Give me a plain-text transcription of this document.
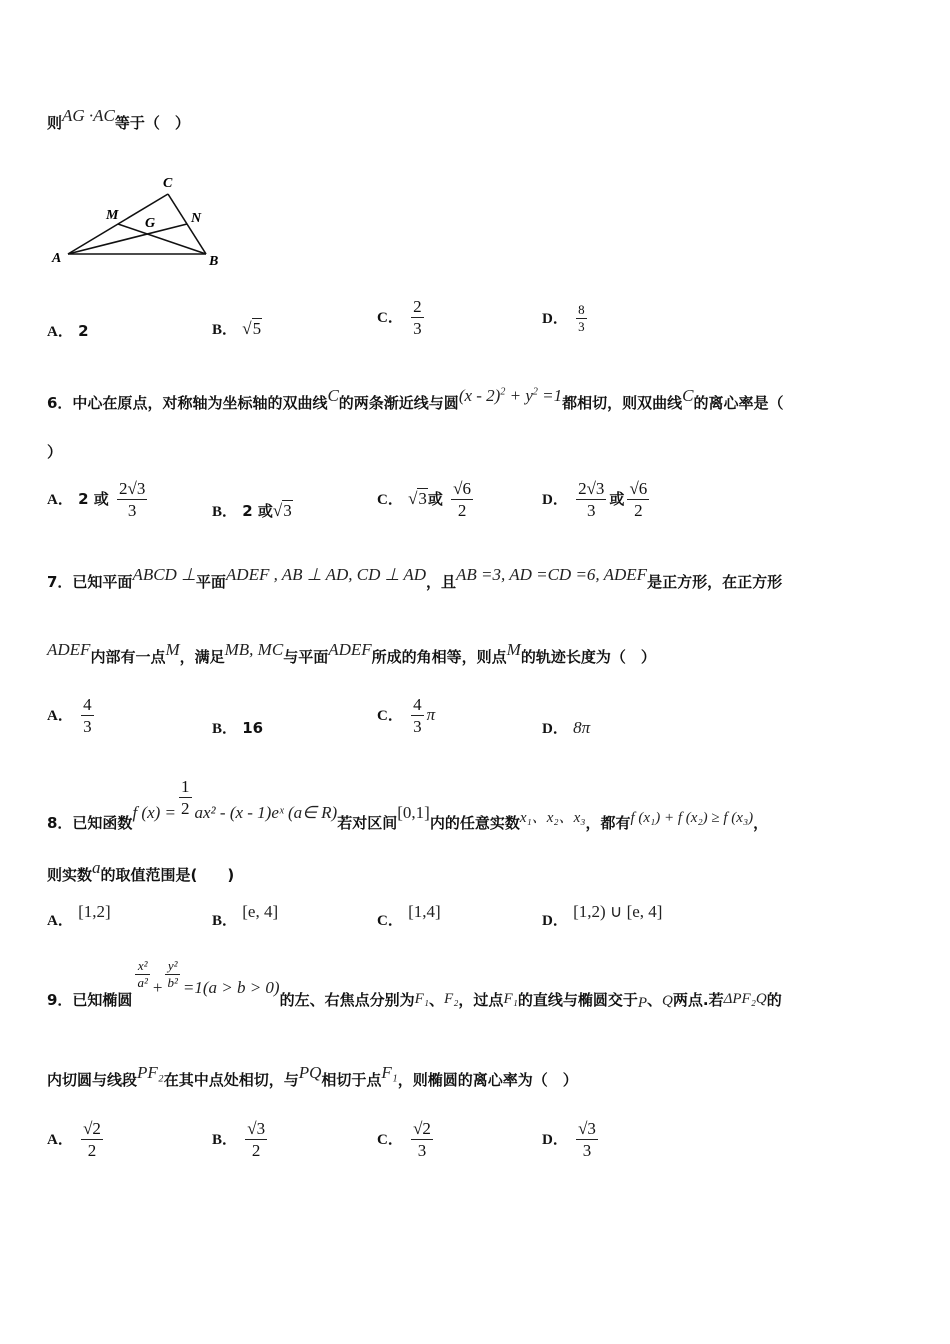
则AG ·AC等于（　）
A	B
C
M	N
G
A． 2	B． √5
C． $\frac{2}{3}$	D． $\frac{8}{3}$
6．中心在原点，对称轴为坐标轴的双曲线C的两条渐近线与圆$(x - 2)^2 + y^2 =1$都相切，则双曲线C的离心率是（
）
A． 2 或 $\frac{2√3}{3}$	B． 2 或√3
C． √3或 $\frac{√6}{2}$	D． $\frac{2√3}{3}$ 或 $\frac{√6}{2}$
7．已知平面ABCD ⊥平面ADEF , AB ⊥ AD, CD ⊥ AD，且AB =3, AD =CD =6, ADEF是正方形，在正方形
ADEF内部有一点M，满足MB, MC与平面ADEF所成的角相等，则点M的轨迹长度为（　）
A． $\frac{4}{3}$	B． 16
C． $\frac{4}{3}$ π
D． 8π
8．已知函数f $(x) = \frac{1}{2} ax^2 - (x$ - 1)eˣ (a∈ R)若对区间[0,1]内的任意实数x₁、x₂、x₃，都有f (x₁) + f (x₂) ≥ f (x₃)，
则实数a的取值范围是(　　)
A． [1,2]	B． [e, 4]	C． [1,4]	D． [1,2) ∪ [e, 4]
9．已知椭圆
$\frac{\text{x²}}{\text{a²}} + \frac{\text{y²}}{\text{b²}} =1(a > b > 0)$的左、右焦点分别为F₁、F₂，过点F₁的直线与椭圆交于P、Q两点.若ΔPF₂Q的
内切圆与线段PF₂在其中点处相切，与PQ相切于点F₁，则椭圆的离心率为（　）
A． $\frac{√2}{2}$	B． $\frac{√3}{2}$	C． $\frac{√2}{3}$	D． $\frac{√3}{3}$
